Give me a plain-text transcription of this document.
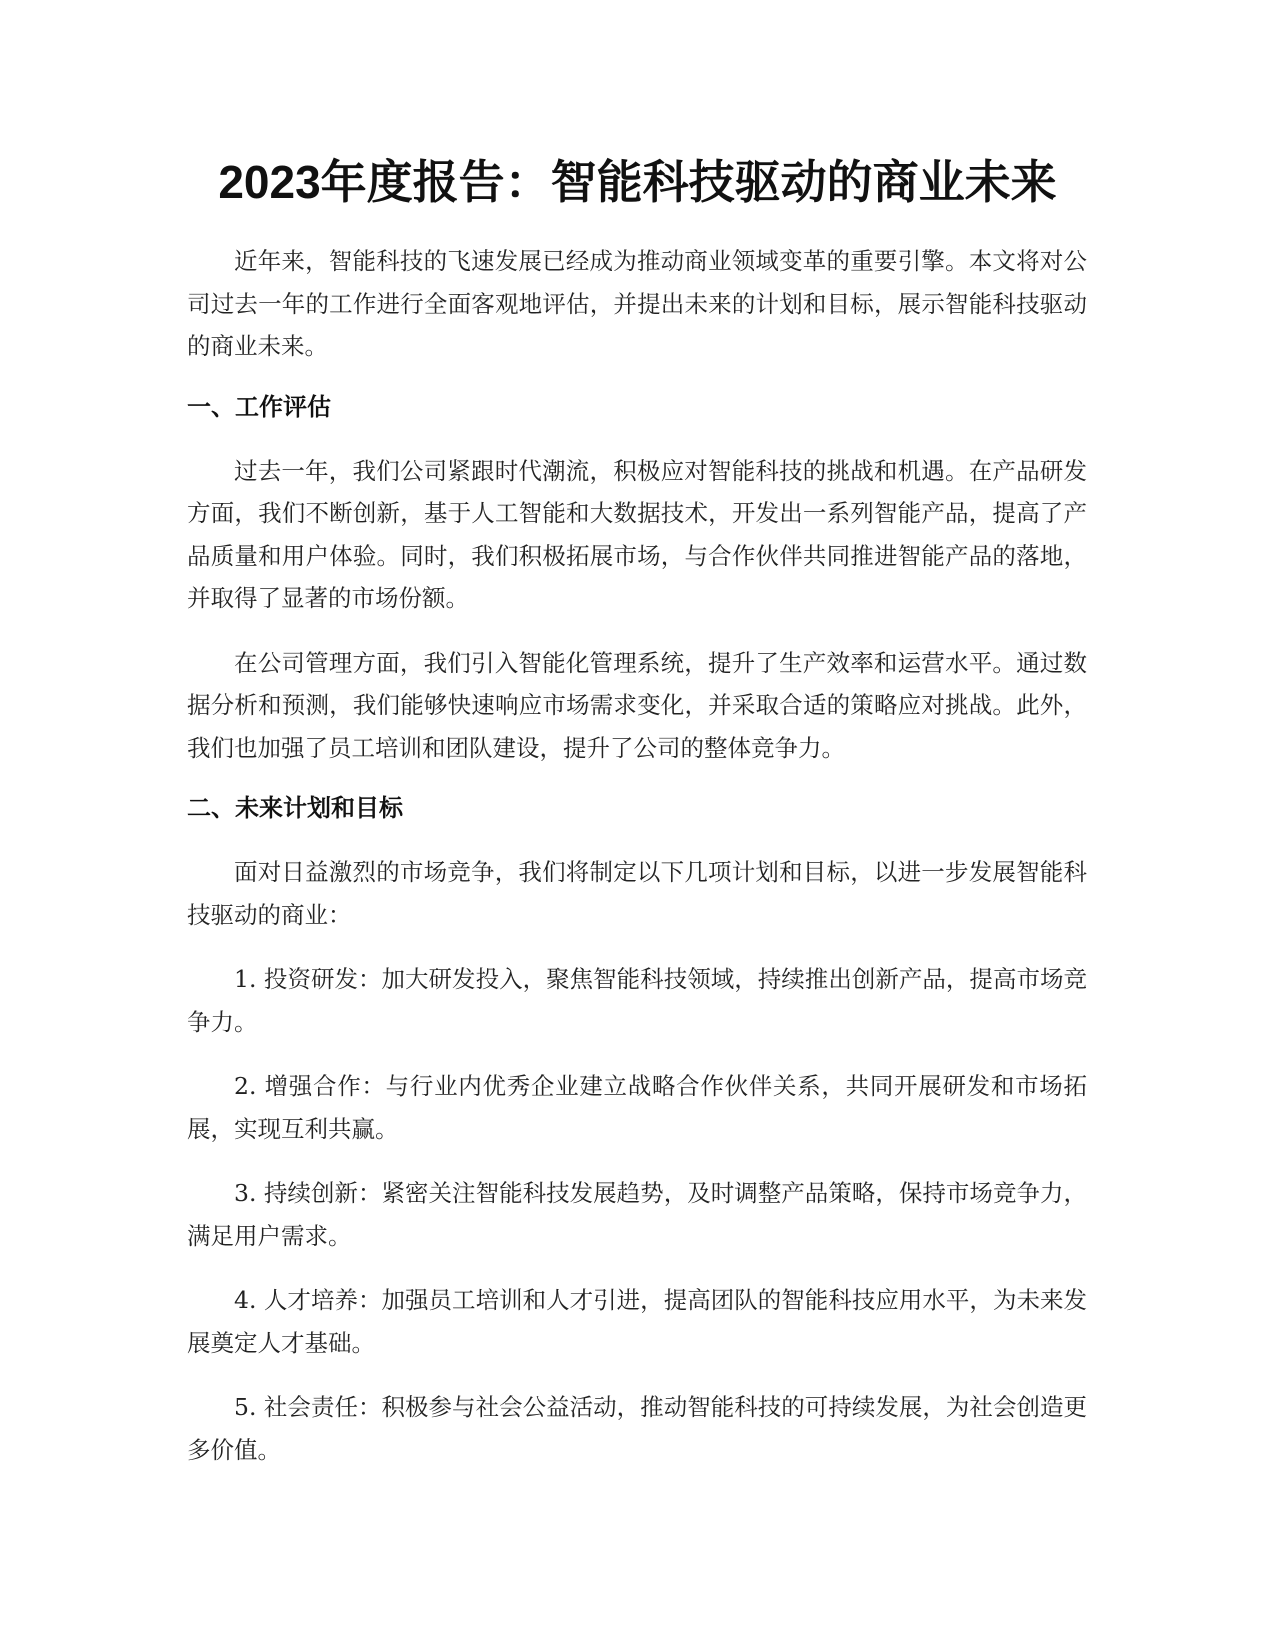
2023年度报告：智能科技驱动的商业未来

近年来，智能科技的飞速发展已经成为推动商业领域变革的重要引擎。本文将对公司过去一年的工作进行全面客观地评估，并提出未来的计划和目标，展示智能科技驱动的商业未来。

一、工作评估

过去一年，我们公司紧跟时代潮流，积极应对智能科技的挑战和机遇。在产品研发方面，我们不断创新，基于人工智能和大数据技术，开发出一系列智能产品，提高了产品质量和用户体验。同时，我们积极拓展市场，与合作伙伴共同推进智能产品的落地，并取得了显著的市场份额。

在公司管理方面，我们引入智能化管理系统，提升了生产效率和运营水平。通过数据分析和预测，我们能够快速响应市场需求变化，并采取合适的策略应对挑战。此外，我们也加强了员工培训和团队建设，提升了公司的整体竞争力。

二、未来计划和目标

面对日益激烈的市场竞争，我们将制定以下几项计划和目标，以进一步发展智能科技驱动的商业：

1. 投资研发：加大研发投入，聚焦智能科技领域，持续推出创新产品，提高市场竞争力。

2. 增强合作：与行业内优秀企业建立战略合作伙伴关系，共同开展研发和市场拓展，实现互利共赢。

3. 持续创新：紧密关注智能科技发展趋势，及时调整产品策略，保持市场竞争力，满足用户需求。

4. 人才培养：加强员工培训和人才引进，提高团队的智能科技应用水平，为未来发展奠定人才基础。

5. 社会责任：积极参与社会公益活动，推动智能科技的可持续发展，为社会创造更多价值。
